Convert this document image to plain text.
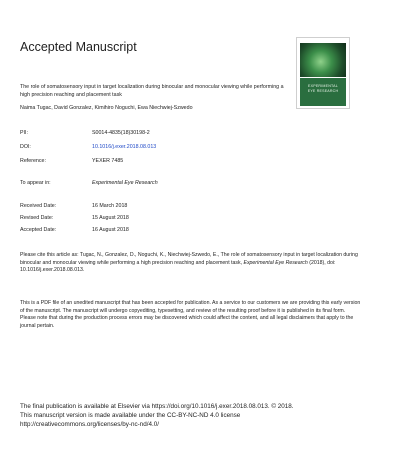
Accepted Manuscript
EXPERIMENTAL
EYE RESEARCH
The role of somatosensory input in target localization during binocular and monocular viewing while performing a high precision reaching and placement task
Naima Tugac, David Gonzalez, Kimihiro Noguchi, Ewa Niechwiej-Szwedo
PII:	S0014-4835(18)30198-2
DOI:	10.1016/j.exer.2018.08.013
Reference:	YEXER 7485
To appear in:	Experimental Eye Research
Received Date:	16 March 2018
Revised Date:	15 August 2018
Accepted Date:	16 August 2018
Please cite this article as: Tugac, N., Gonzalez, D., Noguchi, K., Niechwiej-Szwedo, E., The role of somatosensory input in target localization during binocular and monocular viewing while performing a high precision reaching and placement task, Experimental Eye Research (2018), doi: 10.1016/j.exer.2018.08.013.
This is a PDF file of an unedited manuscript that has been accepted for publication. As a service to our customers we are providing this early version of the manuscript. The manuscript will undergo copyediting, typesetting, and review of the resulting proof before it is published in its final form. Please note that during the production process errors may be discovered which could affect the content, and all legal disclaimers that apply to the journal pertain.
The final publication is available at Elsevier via https://doi.org/10.1016/j.exer.2018.08.013. © 2018.
This manuscript version is made available under the CC-BY-NC-ND 4.0 license
http://creativecommons.org/licenses/by-nc-nd/4.0/
